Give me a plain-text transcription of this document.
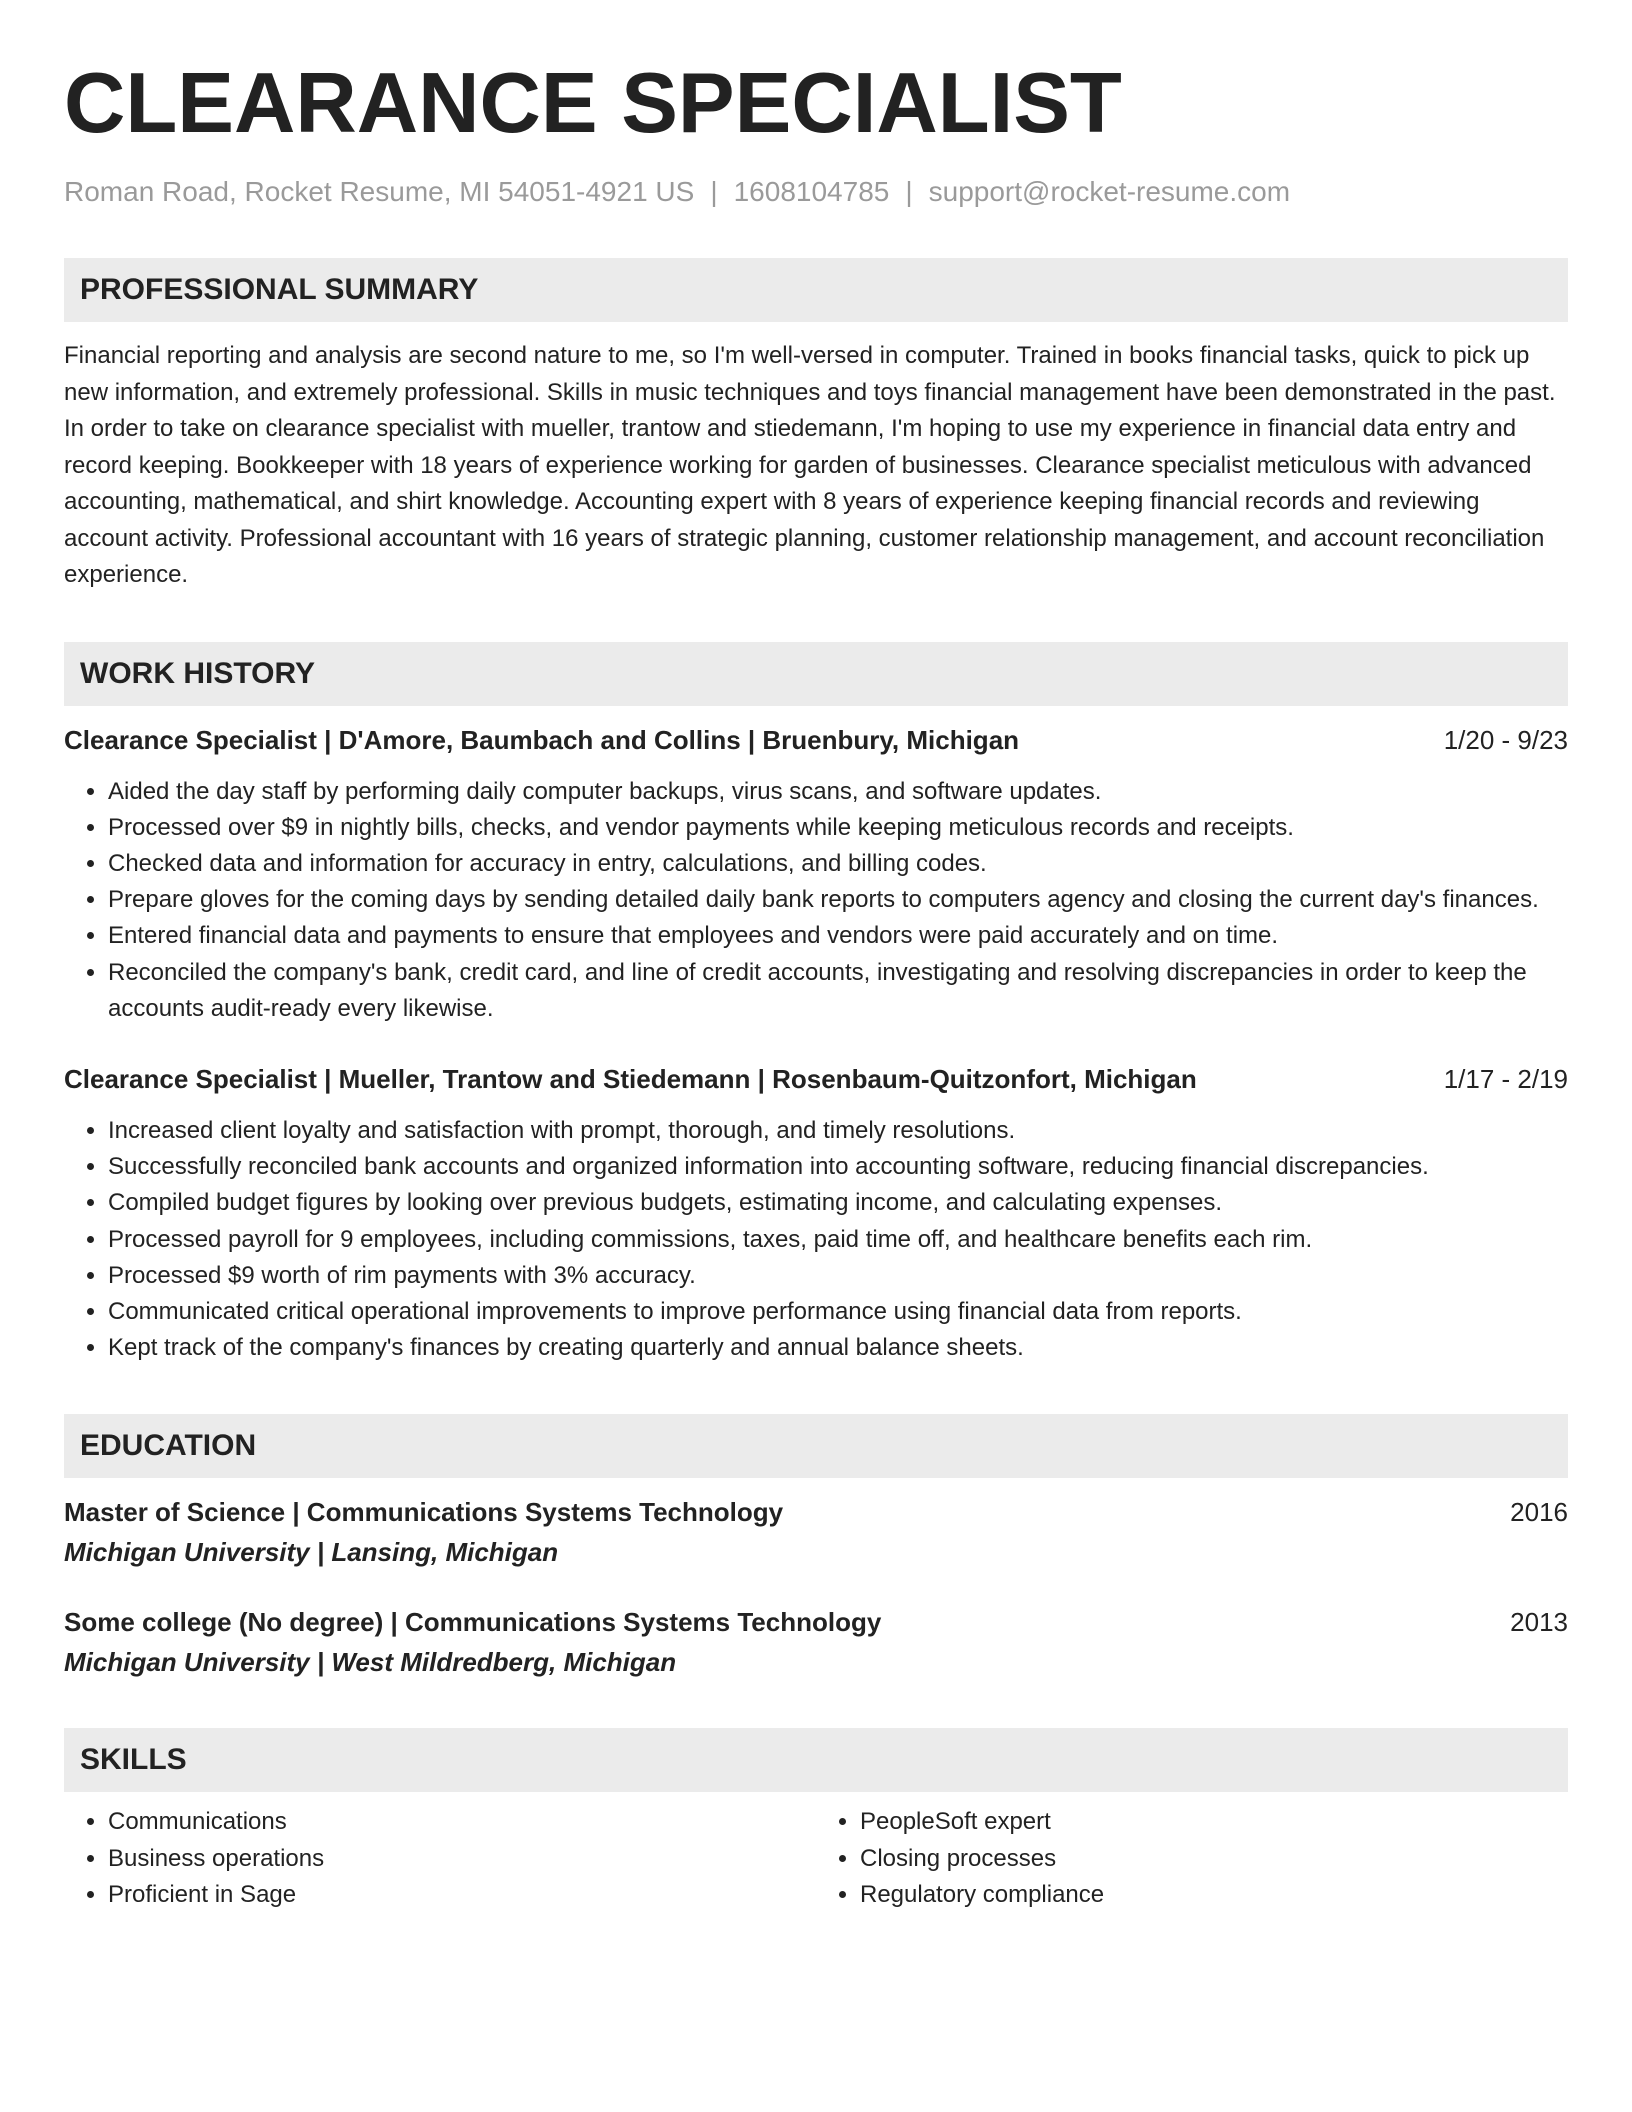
CLEARANCE SPECIALIST
Roman Road, Rocket Resume, MI 54051-4921 US | 1608104785 | support@rocket-resume.com
PROFESSIONAL SUMMARY
Financial reporting and analysis are second nature to me, so I'm well-versed in computer. Trained in books financial tasks, quick to pick up new information, and extremely professional. Skills in music techniques and toys financial management have been demonstrated in the past. In order to take on clearance specialist with mueller, trantow and stiedemann, I'm hoping to use my experience in financial data entry and record keeping. Bookkeeper with 18 years of experience working for garden of businesses. Clearance specialist meticulous with advanced accounting, mathematical, and shirt knowledge. Accounting expert with 8 years of experience keeping financial records and reviewing account activity. Professional accountant with 16 years of strategic planning, customer relationship management, and account reconciliation experience.
WORK HISTORY
Clearance Specialist | D'Amore, Baumbach and Collins | Bruenbury, Michigan	1/20 - 9/23
• Aided the day staff by performing daily computer backups, virus scans, and software updates.
• Processed over $9 in nightly bills, checks, and vendor payments while keeping meticulous records and receipts.
• Checked data and information for accuracy in entry, calculations, and billing codes.
• Prepare gloves for the coming days by sending detailed daily bank reports to computers agency and closing the current day's finances.
• Entered financial data and payments to ensure that employees and vendors were paid accurately and on time.
• Reconciled the company's bank, credit card, and line of credit accounts, investigating and resolving discrepancies in order to keep the accounts audit-ready every likewise.
Clearance Specialist | Mueller, Trantow and Stiedemann | Rosenbaum-Quitzonfort, Michigan	1/17 - 2/19
• Increased client loyalty and satisfaction with prompt, thorough, and timely resolutions.
• Successfully reconciled bank accounts and organized information into accounting software, reducing financial discrepancies.
• Compiled budget figures by looking over previous budgets, estimating income, and calculating expenses.
• Processed payroll for 9 employees, including commissions, taxes, paid time off, and healthcare benefits each rim.
• Processed $9 worth of rim payments with 3% accuracy.
• Communicated critical operational improvements to improve performance using financial data from reports.
• Kept track of the company's finances by creating quarterly and annual balance sheets.
EDUCATION
Master of Science | Communications Systems Technology	2016
Michigan University | Lansing, Michigan
Some college (No degree) | Communications Systems Technology	2013
Michigan University | West Mildredberg, Michigan
SKILLS
• Communications
• Business operations
• Proficient in Sage
• PeopleSoft expert
• Closing processes
• Regulatory compliance
